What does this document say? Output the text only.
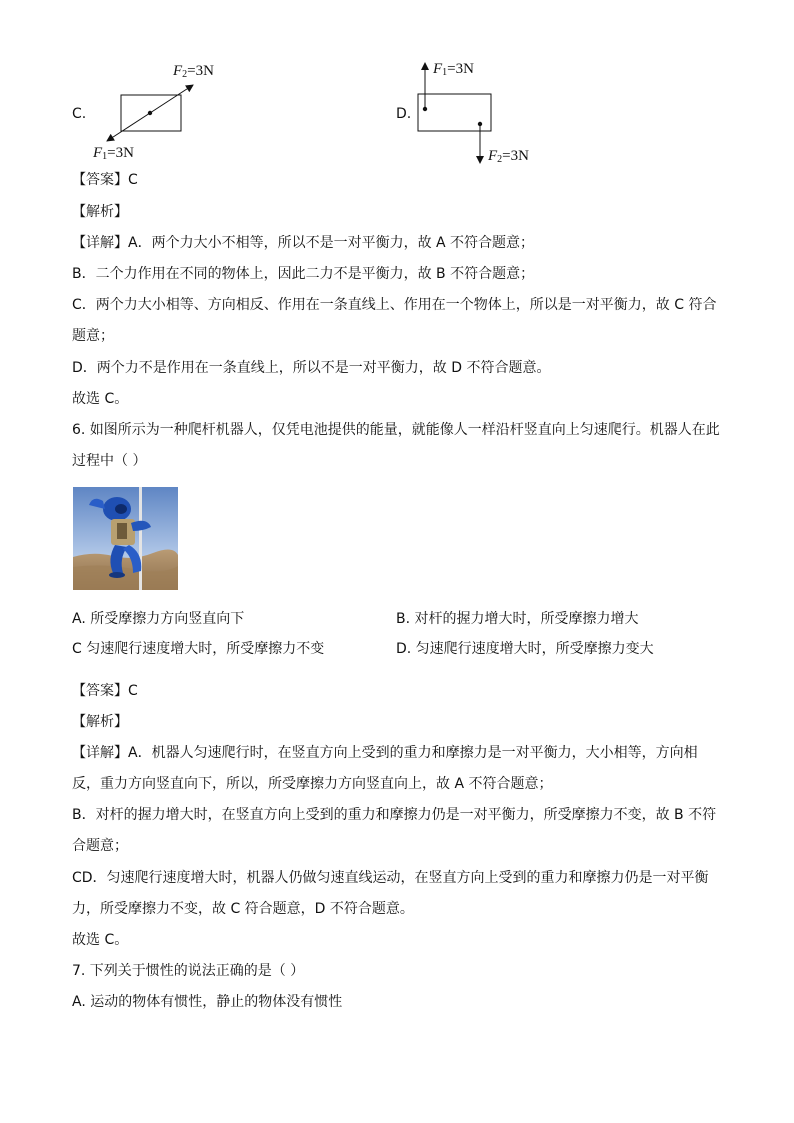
C.
$F_2=3N$
$F_1=3N$
D.
$F_1=3N$
$F_2=3N$
【答案】C
【解析】
【详解】A．两个力大小不相等，所以不是一对平衡力，故 A 不符合题意；
B．二个力作用在不同的物体上，因此二力不是平衡力，故 B 不符合题意；
C．两个力大小相等、方向相反、作用在一条直线上、作用在一个物体上，所以是一对平衡力，故 C 符合
题意；
D．两个力不是作用在一条直线上，所以不是一对平衡力，故 D 不符合题意。
故选 C。
6. 如图所示为一种爬杆机器人，仅凭电池提供的能量，就能像人一样沿杆竖直向上匀速爬行。机器人在此
过程中（ ）
A. 所受摩擦力方向竖直向下	B. 对杆的握力增大时，所受摩擦力增大
C 匀速爬行速度增大时，所受摩擦力不变	D. 匀速爬行速度增大时，所受摩擦力变大
【答案】C
【解析】
【详解】A．机器人匀速爬行时，在竖直方向上受到的重力和摩擦力是一对平衡力，大小相等，方向相
反，重力方向竖直向下，所以，所受摩擦力方向竖直向上，故 A 不符合题意；
B．对杆的握力增大时，在竖直方向上受到的重力和摩擦力仍是一对平衡力，所受摩擦力不变，故 B 不符
合题意；
CD．匀速爬行速度增大时，机器人仍做匀速直线运动，在竖直方向上受到的重力和摩擦力仍是一对平衡
力，所受摩擦力不变，故 C 符合题意，D 不符合题意。
故选 C。
7. 下列关于惯性的说法正确的是（ ）
A. 运动的物体有惯性，静止的物体没有惯性
